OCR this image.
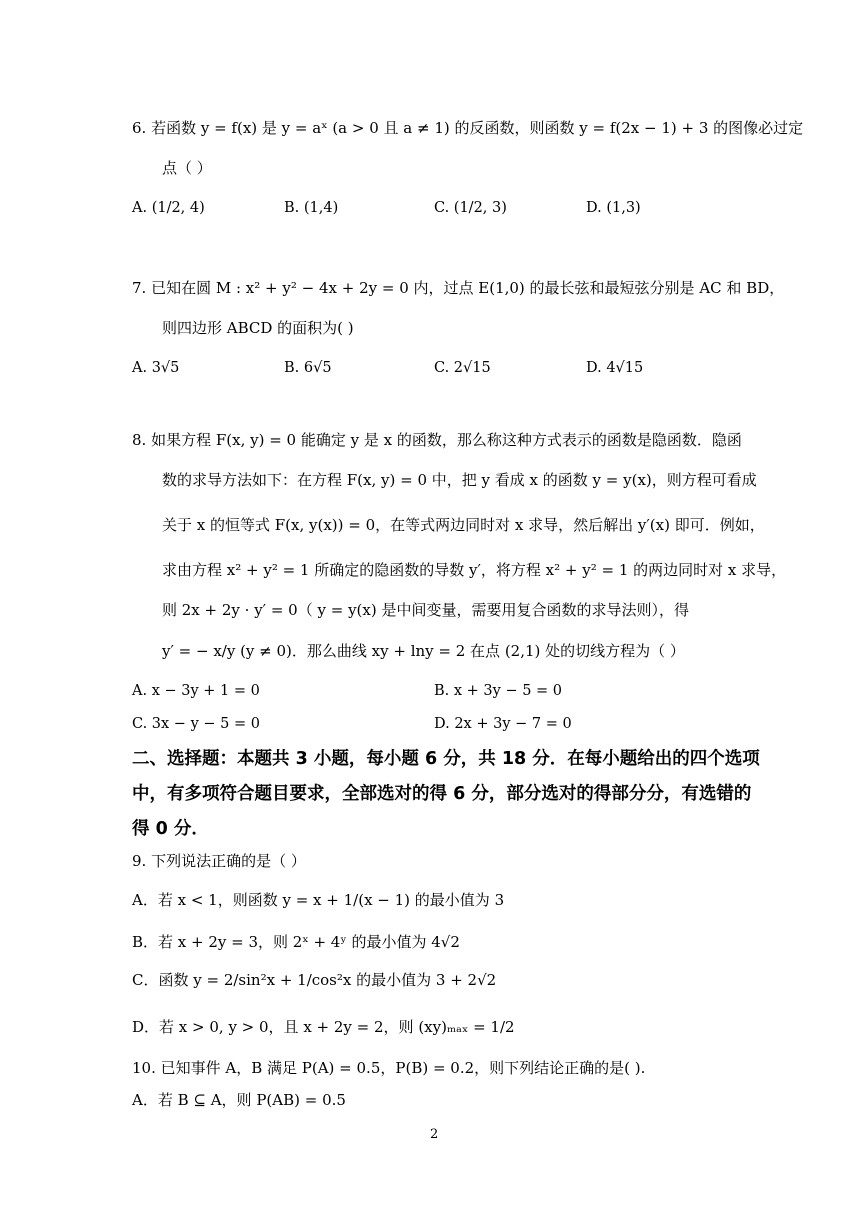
6. 若函数 y = f(x) 是 y = aˣ (a > 0 且 a ≠ 1) 的反函数，则函数 y = f(2x − 1) + 3 的图像必过定
点（ ）
A. (1/2, 4)	B. (1,4)	C. (1/2, 3)	D. (1,3)
7. 已知在圆 M : x² + y² − 4x + 2y = 0 内，过点 E(1,0) 的最长弦和最短弦分别是 AC 和 BD，
则四边形 ABCD 的面积为( )
A. 3√5	B. 6√5	C. 2√15	D. 4√15
8. 如果方程 F(x, y) = 0 能确定 y 是 x 的函数，那么称这种方式表示的函数是隐函数．隐函
数的求导方法如下：在方程 F(x, y) = 0 中，把 y 看成 x 的函数 y = y(x)，则方程可看成
关于 x 的恒等式 F(x, y(x)) = 0，在等式两边同时对 x 求导，然后解出 y′(x) 即可．例如，
求由方程 x² + y² = 1 所确定的隐函数的导数 y′，将方程 x² + y² = 1 的两边同时对 x 求导，
则 2x + 2y · y′ = 0（ y = y(x) 是中间变量，需要用复合函数的求导法则），得
y′ = − x/y (y ≠ 0)．那么曲线 xy + lny = 2 在点 (2,1) 处的切线方程为（ ）
A. x − 3y + 1 = 0	B. x + 3y − 5 = 0
C. 3x − y − 5 = 0	D. 2x + 3y − 7 = 0
二、选择题：本题共 3 小题，每小题 6 分，共 18 分．在每小题给出的四个选项
中，有多项符合题目要求，全部选对的得 6 分，部分选对的得部分分，有选错的
得 0 分．
9. 下列说法正确的是（ ）
A．若 x < 1，则函数 y = x + 1/(x − 1) 的最小值为 3
B．若 x + 2y = 3，则 2ˣ + 4ʸ 的最小值为 4√2
C．函数 y = 2/sin²x + 1/cos²x 的最小值为 3 + 2√2
D．若 x > 0, y > 0，且 x + 2y = 2，则 (xy)ₘₐₓ = 1/2
10. 已知事件 A，B 满足 P(A) = 0.5，P(B) = 0.2，则下列结论正确的是( ).
A．若 B ⊆ A，则 P(AB) = 0.5
2
